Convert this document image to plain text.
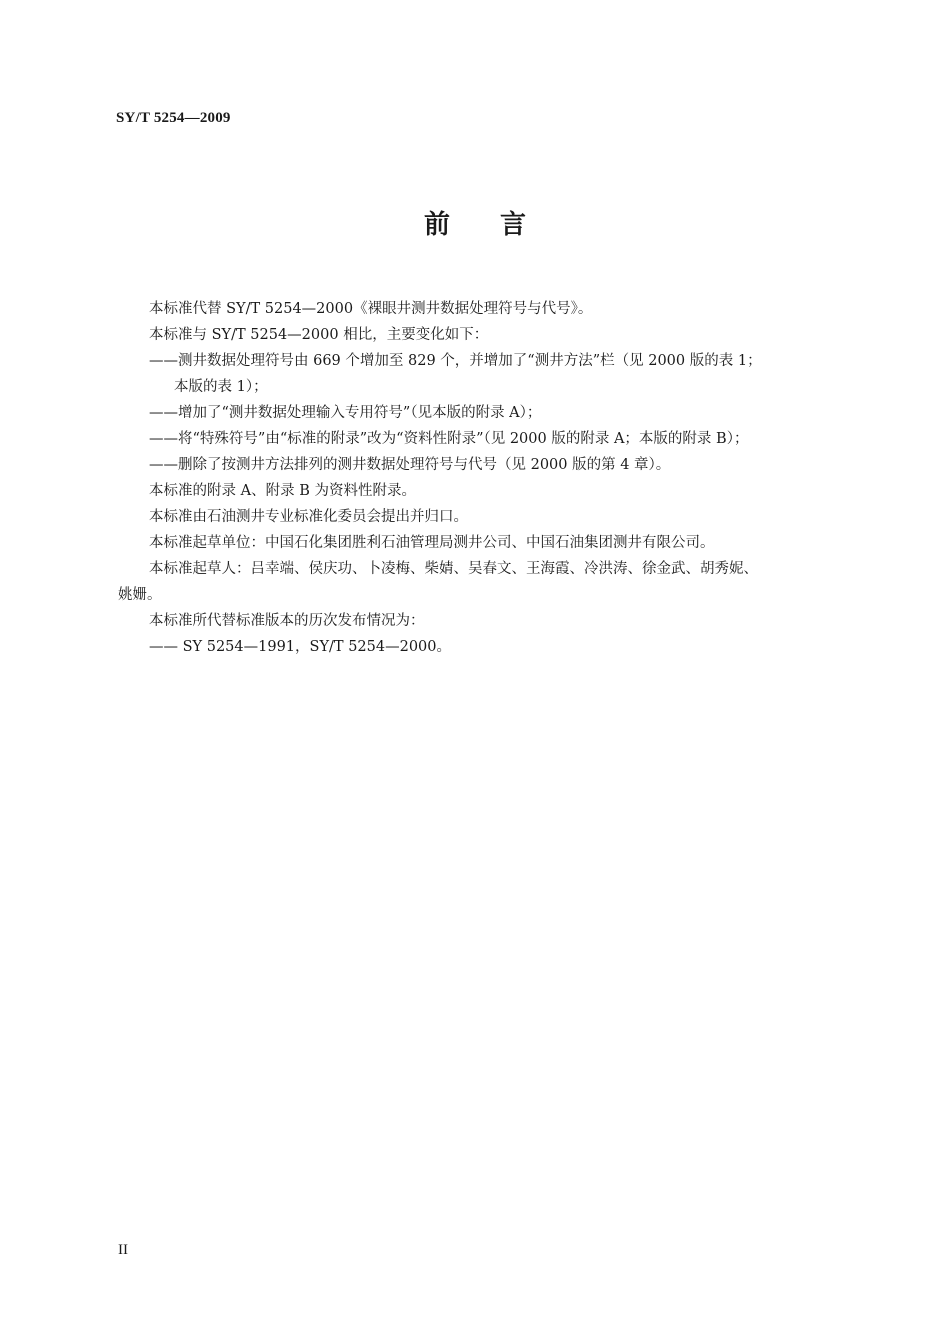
SY/T 5254—2009
前言

本标准代替 SY/T 5254—2000《裸眼井测井数据处理符号与代号》。

本标准与 SY/T 5254—2000 相比，主要变化如下：

——测井数据处理符号由 669 个增加至 829 个，并增加了“测井方法”栏（见 2000 版的表 1；

本版的表 1）；

——增加了“测井数据处理输入专用符号”（见本版的附录 A）；

——将“特殊符号”由“标准的附录”改为“资料性附录”（见 2000 版的附录 A；本版的附录 B）；

——删除了按测井方法排列的测井数据处理符号与代号（见 2000 版的第 4 章）。

本标准的附录 A、附录 B 为资料性附录。

本标准由石油测井专业标准化委员会提出并归口。

本标准起草单位：中国石化集团胜利石油管理局测井公司、中国石油集团测井有限公司。

本标准起草人：吕幸端、侯庆功、卜凌梅、柴婧、吴春文、王海霞、冷洪涛、徐金武、胡秀妮、

姚姗。

本标准所代替标准版本的历次发布情况为：

—— SY 5254—1991，SY/T 5254—2000。

II
